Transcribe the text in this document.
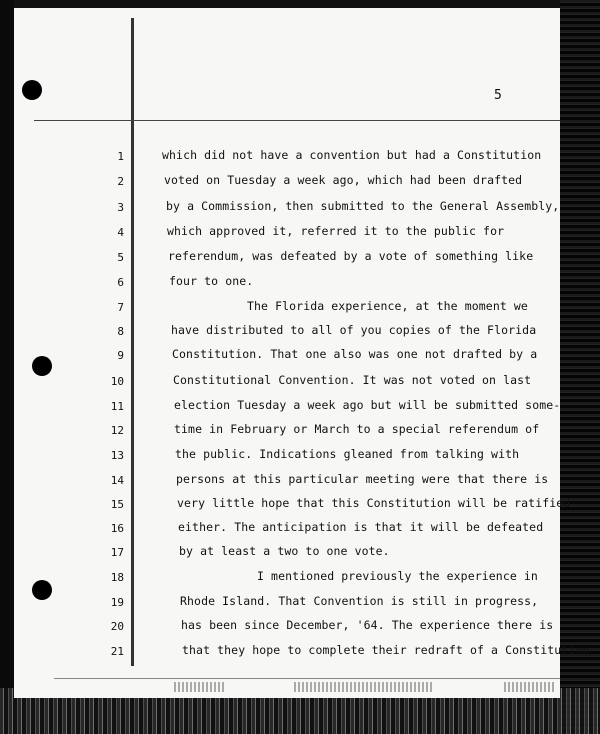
5
1
2
3
4
5
6
7
8
9
10
11
12
13
14
15
16
17
18
19
20
21
which did not have a convention but had a Constitution
voted on Tuesday a week ago, which had been drafted
by a Commission, then submitted to the General Assembly,
which approved it, referred it to the public for
referendum, was defeated by a vote of something like
four to one.
The Florida experience, at the moment we
have distributed to all of you copies of the Florida
Constitution. That one also was one not drafted by a
Constitutional Convention. It was not voted on last
election Tuesday a week ago but will be submitted some-
time in February or March to a special referendum of
the public. Indications gleaned from talking with
persons at this particular meeting were that there is
very little hope that this Constitution will be ratified
either. The anticipation is that it will be defeated
by at least a two to one vote.
I mentioned previously the experience in
Rhode Island. That Convention is still in progress,
has been since December, '64. The experience there is
that they hope to complete their redraft of a Constitution
